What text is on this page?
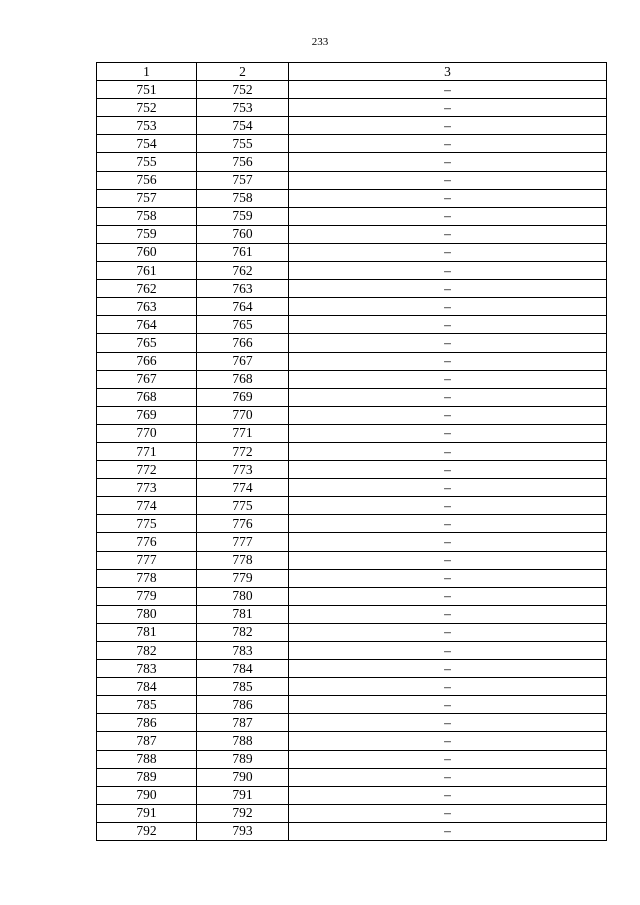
233
1	2	3
751	752	–
752	753	–
753	754	–
754	755	–
755	756	–
756	757	–
757	758	–
758	759	–
759	760	–
760	761	–
761	762	–
762	763	–
763	764	–
764	765	–
765	766	–
766	767	–
767	768	–
768	769	–
769	770	–
770	771	–
771	772	–
772	773	–
773	774	–
774	775	–
775	776	–
776	777	–
777	778	–
778	779	–
779	780	–
780	781	–
781	782	–
782	783	–
783	784	–
784	785	–
785	786	–
786	787	–
787	788	–
788	789	–
789	790	–
790	791	–
791	792	–
792	793	–
